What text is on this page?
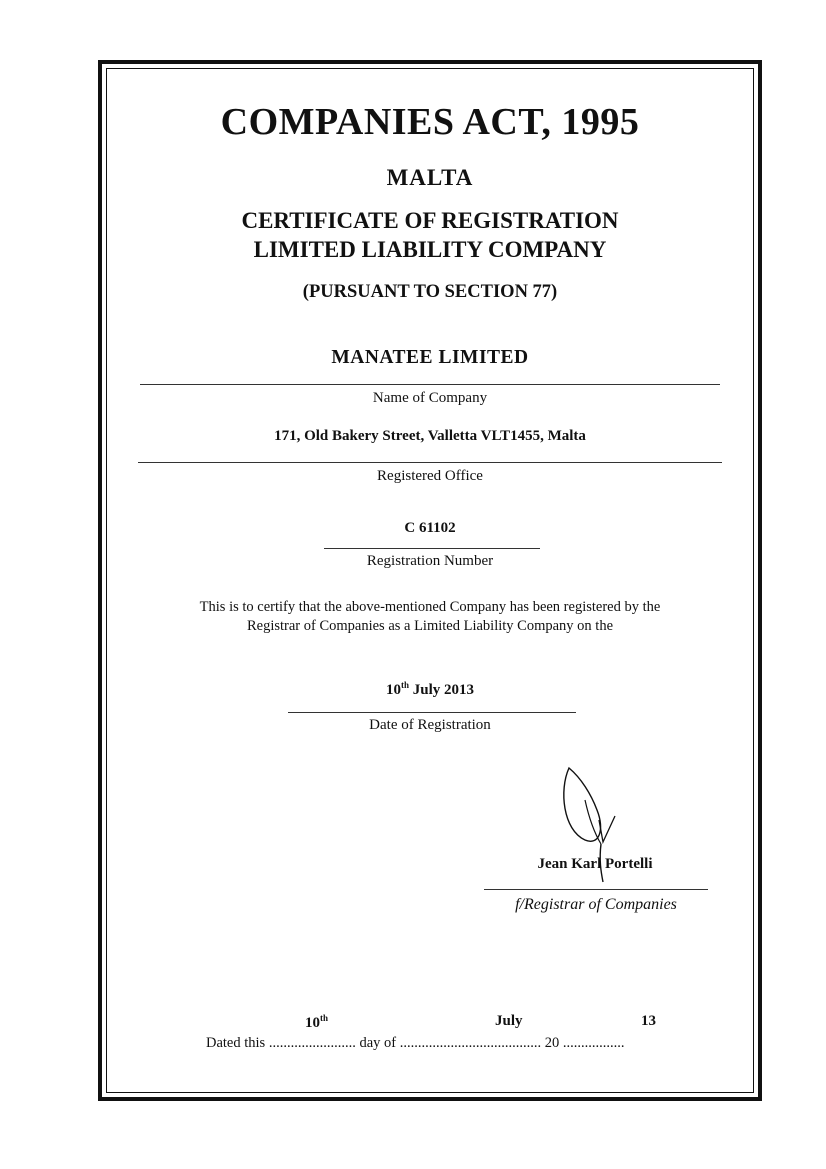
COMPANIES ACT, 1995
MALTA
CERTIFICATE OF REGISTRATION
LIMITED LIABILITY COMPANY
(PURSUANT TO SECTION 77)
MANATEE LIMITED
Name of Company
171, Old Bakery Street, Valletta VLT1455, Malta
Registered Office
C 61102
Registration Number
This is to certify that the above-mentioned Company has been registered by the Registrar of Companies as a Limited Liability Company on the
10th July 2013
Date of Registration
Jean Karl Portelli
f/Registrar of Companies
10th	July	13
Dated this ........................ day of ....................................... 20 .................
